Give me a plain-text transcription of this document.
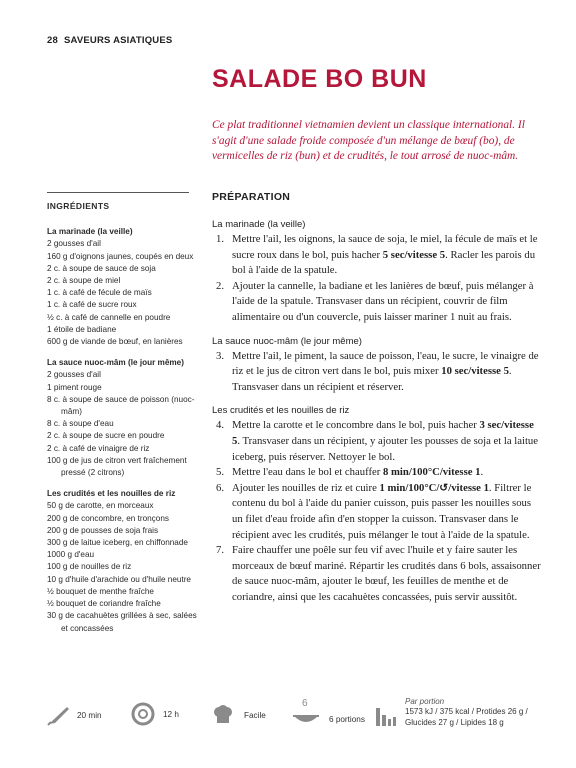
28 SAVEURS ASIATIQUES
SALADE BO BUN
Ce plat traditionnel vietnamien devient un classique international. Il s'agit d'une salade froide composée d'un mélange de bœuf (bo), de vermicelles de riz (bun) et de crudités, le tout arrosé de nuoc-mâm.
INGRÉDIENTS
La marinade (la veille)
2 gousses d'ail
160 g d'oignons jaunes, coupés en deux
2 c. à soupe de sauce de soja
2 c. à soupe de miel
1 c. à café de fécule de maïs
1 c. à café de sucre roux
½ c. à café de cannelle en poudre
1 étoile de badiane
600 g de viande de bœuf, en lanières
La sauce nuoc-mâm (le jour même)
2 gousses d'ail
1 piment rouge
8 c. à soupe de sauce de poisson (nuoc-mâm)
8 c. à soupe d'eau
2 c. à soupe de sucre en poudre
2 c. à café de vinaigre de riz
100 g de jus de citron vert fraîchement pressé (2 citrons)
Les crudités et les nouilles de riz
50 g de carotte, en morceaux
200 g de concombre, en tronçons
200 g de pousses de soja frais
300 g de laitue iceberg, en chiffonnade
1000 g d'eau
100 g de nouilles de riz
10 g d'huile d'arachide ou d'huile neutre
½ bouquet de menthe fraîche
½ bouquet de coriandre fraîche
30 g de cacahuètes grillées à sec, salées et concassées
PRÉPARATION
La marinade (la veille)
1. Mettre l'ail, les oignons, la sauce de soja, le miel, la fécule de maïs et le sucre roux dans le bol, puis hacher 5 sec/vitesse 5. Racler les parois du bol à l'aide de la spatule.
2. Ajouter la cannelle, la badiane et les lanières de bœuf, puis mélanger à l'aide de la spatule. Transvaser dans un récipient, couvrir de film alimentaire ou d'un couvercle, puis laisser mariner 1 nuit au frais.
La sauce nuoc-mâm (le jour même)
3. Mettre l'ail, le piment, la sauce de poisson, l'eau, le sucre, le vinaigre de riz et le jus de citron vert dans le bol, puis mixer 10 sec/vitesse 5. Transvaser dans un récipient et réserver.
Les crudités et les nouilles de riz
4. Mettre la carotte et le concombre dans le bol, puis hacher 3 sec/vitesse 5. Transvaser dans un récipient, y ajouter les pousses de soja et la laitue iceberg, puis réserver. Nettoyer le bol.
5. Mettre l'eau dans le bol et chauffer 8 min/100°C/vitesse 1.
6. Ajouter les nouilles de riz et cuire 1 min/100°C/↺/vitesse 1. Filtrer le contenu du bol à l'aide du panier cuisson, puis passer les nouilles sous un filet d'eau froide afin d'en stopper la cuisson. Transvaser dans le récipient avec les crudités, puis mélanger le tout à l'aide de la spatule.
7. Faire chauffer une poêle sur feu vif avec l'huile et y faire sauter les morceaux de bœuf mariné. Répartir les crudités dans 6 bols, assaisonner de sauce nuoc-mâm, ajouter le bœuf, les feuilles de menthe et de coriandre, ainsi que les cacahuètes concassées, puis servir aussitôt.
20 min	12 h	Facile
6
6 portions
Par portion
1573 kJ / 375 kcal / Protides 26 g /
Glucides 27 g / Lipides 18 g
